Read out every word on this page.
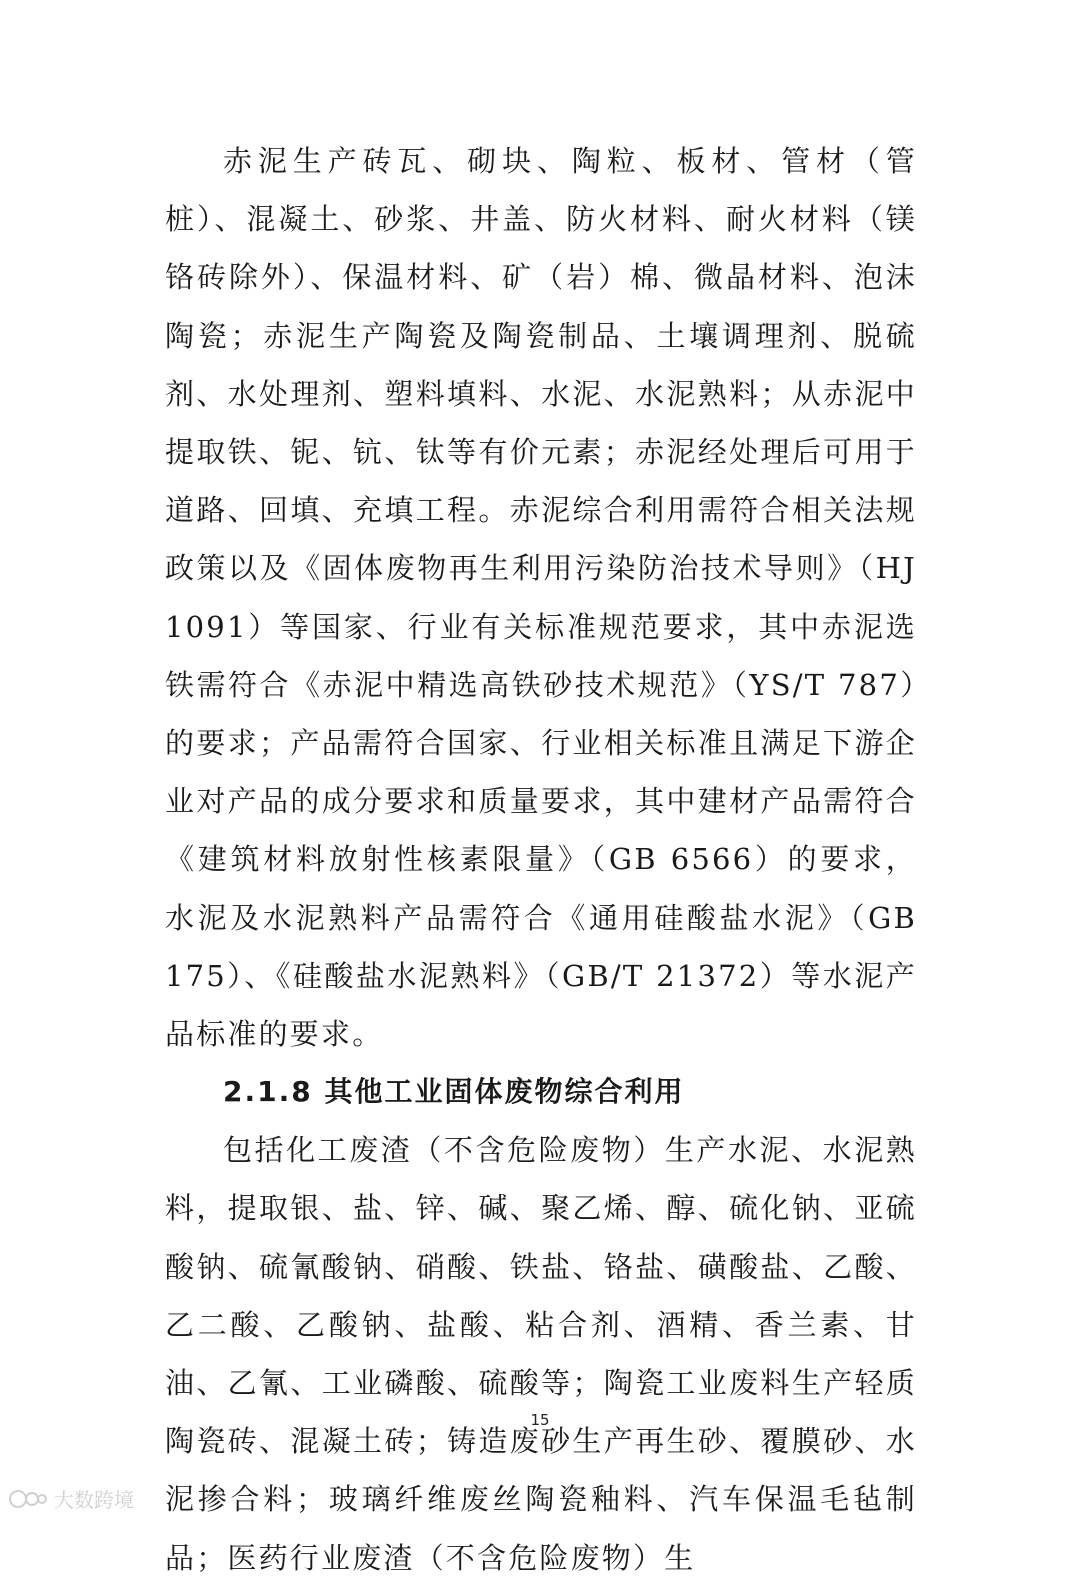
赤泥生产砖瓦、砌块、陶粒、板材、管材（管桩）、混凝土、砂浆、井盖、防火材料、耐火材料（镁铬砖除外）、保温材料、矿（岩）棉、微晶材料、泡沫陶瓷；赤泥生产陶瓷及陶瓷制品、土壤调理剂、脱硫剂、水处理剂、塑料填料、水泥、水泥熟料；从赤泥中提取铁、铌、钪、钛等有价元素；赤泥经处理后可用于道路、回填、充填工程。赤泥综合利用需符合相关法规政策以及《固体废物再生利用污染防治技术导则》（HJ 1091）等国家、行业有关标准规范要求，其中赤泥选铁需符合《赤泥中精选高铁砂技术规范》（YS/T 787）的要求；产品需符合国家、行业相关标准且满足下游企业对产品的成分要求和质量要求，其中建材产品需符合《建筑材料放射性核素限量》（GB 6566）的要求，水泥及水泥熟料产品需符合《通用硅酸盐水泥》（GB 175）、《硅酸盐水泥熟料》（GB/T 21372）等水泥产品标准的要求。

2.1.8 其他工业固体废物综合利用

包括化工废渣（不含危险废物）生产水泥、水泥熟料，提取银、盐、锌、碱、聚乙烯、醇、硫化钠、亚硫酸钠、硫氰酸钠、硝酸、铁盐、铬盐、磺酸盐、乙酸、乙二酸、乙酸钠、盐酸、粘合剂、酒精、香兰素、甘油、乙氰、工业磷酸、硫酸等；陶瓷工业废料生产轻质陶瓷砖、混凝土砖；铸造废砂生产再生砂、覆膜砂、水泥掺合料；玻璃纤维废丝陶瓷釉料、汽车保温毛毡制品；医药行业废渣（不含危险废物）生

15
大数跨境
